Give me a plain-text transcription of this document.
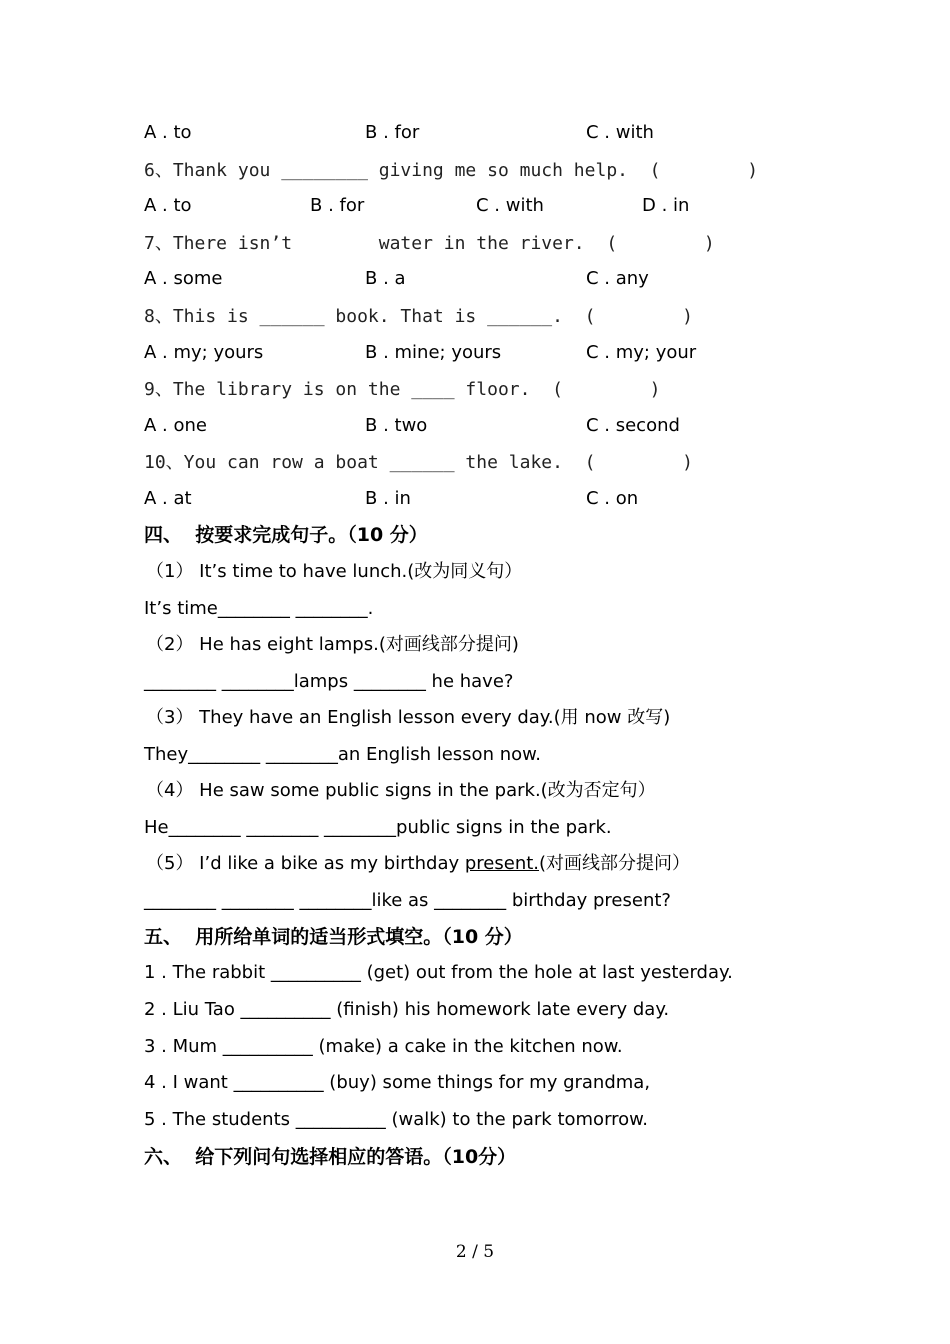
A . to	B . for	C . with
6、Thank you ________ giving me so much help.  (        )
A . to	B . for	C . with	D . in
7、There isn’t        water in the river.  (        )
A . some	B . a	C . any
8、This is ______ book. That is ______.  (        )
A . my; yours	B . mine; yours	C . my; your
9、The library is on the ____ floor.  (        )
A . one	B . two	C . second
10、You can row a boat ______ the lake.  (        )
A . at	B . in	C . on
四、  按要求完成句子。（10 分）
（1） It’s time to have lunch.(改为同义句）
It’s time________ ________.
（2） He has eight lamps.(对画线部分提问)
________ ________lamps ________ he have?
（3） They have an English lesson every day.(用 now 改写)
They________ ________an English lesson now.
（4） He saw some public signs in the park.(改为否定句）
He________ ________ ________public signs in the park.
（5） I’d like a bike as my birthday present.(对画线部分提问）
________ ________ ________like as ________ birthday present?
五、  用所给单词的适当形式填空。（10 分）
1 . The rabbit __________ (get) out from the hole at last yesterday.
2 . Liu Tao __________ (finish) his homework late every day.
3 . Mum __________ (make) a cake in the kitchen now.
4 . I want __________ (buy) some things for my grandma,
5 . The students __________ (walk) to the park tomorrow.
六、  给下列问句选择相应的答语。（10分）
2 / 5
